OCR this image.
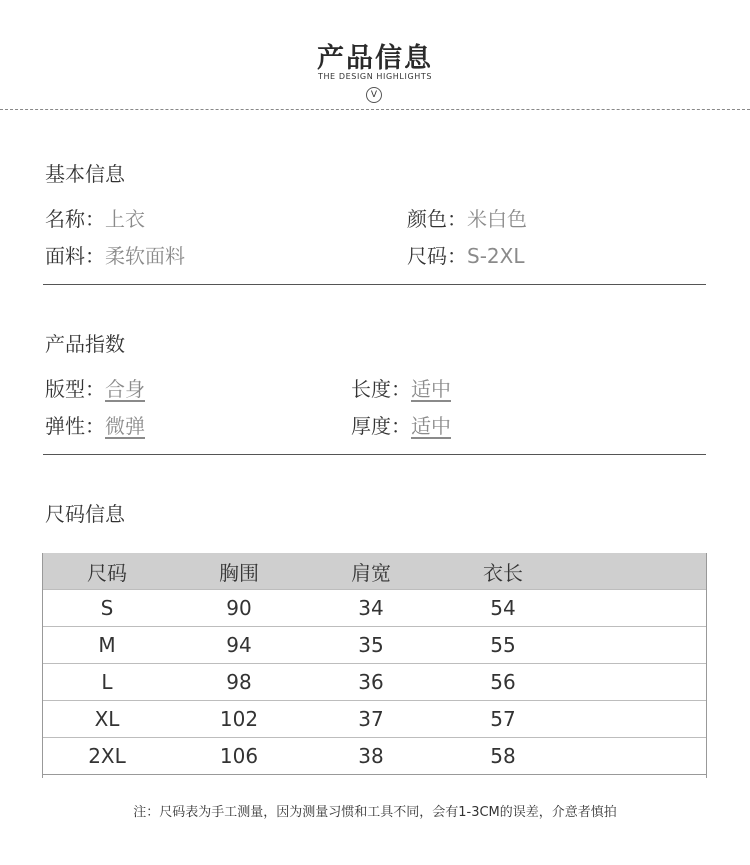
产品信息
THE DESIGN HIGHLIGHTS
V
基本信息
名称：上衣	颜色：米白色
面料：柔软面料	尺码：S-2XL
产品指数
版型：合身	长度：适中
弹性：微弹	厚度：适中
尺码信息
尺码	胸围	肩宽	衣长	
S	90	34	54	
M	94	35	55	
L	98	36	56	
XL	102	37	57	
2XL	106	38	58	
注：尺码表为手工测量，因为测量习惯和工具不同，会有1-3CM的误差，介意者慎拍
